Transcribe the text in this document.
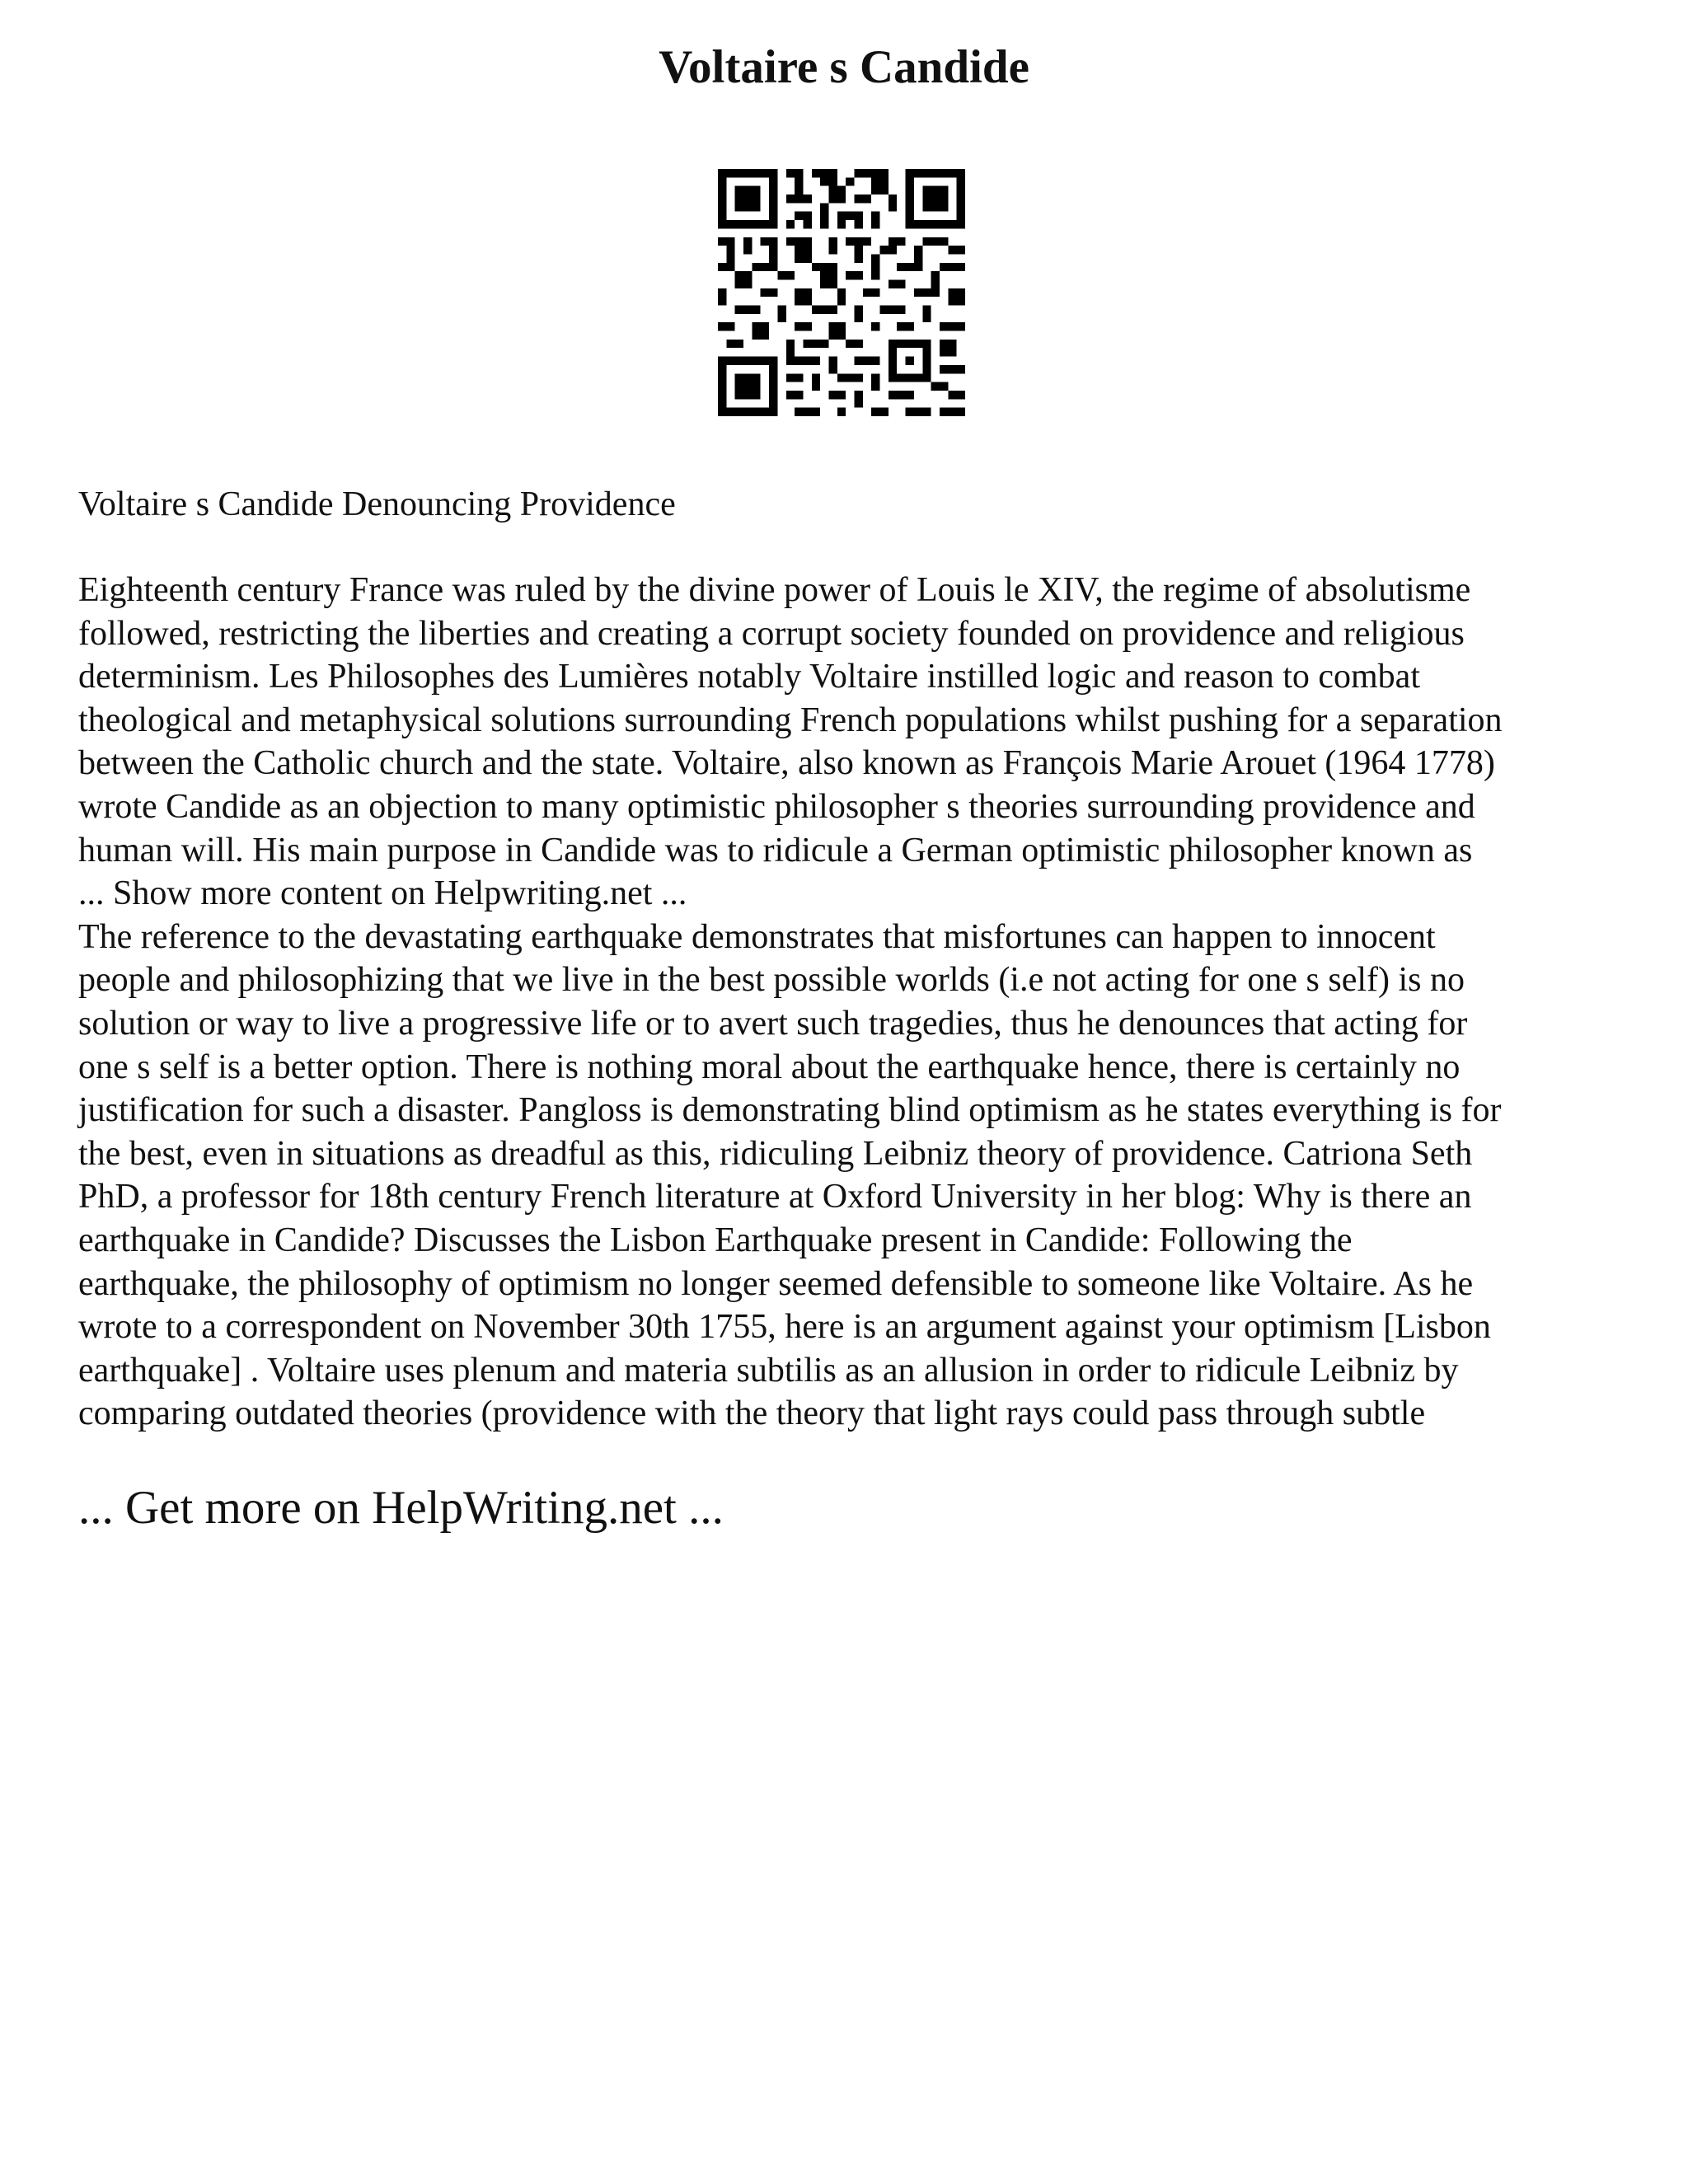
Voltaire s Candide

Voltaire s Candide Denouncing Providence

Eighteenth century France was ruled by the divine power of Louis le XIV, the regime of absolutisme
followed, restricting the liberties and creating a corrupt society founded on providence and religious
determinism. Les Philosophes des Lumières notably Voltaire instilled logic and reason to combat
theological and metaphysical solutions surrounding French populations whilst pushing for a separation
between the Catholic church and the state. Voltaire, also known as François Marie Arouet (1964 1778)
wrote Candide as an objection to many optimistic philosopher s theories surrounding providence and
human will. His main purpose in Candide was to ridicule a German optimistic philosopher known as
... Show more content on Helpwriting.net ...
The reference to the devastating earthquake demonstrates that misfortunes can happen to innocent
people and philosophizing that we live in the best possible worlds (i.e not acting for one s self) is no
solution or way to live a progressive life or to avert such tragedies, thus he denounces that acting for
one s self is a better option. There is nothing moral about the earthquake hence, there is certainly no
justification for such a disaster. Pangloss is demonstrating blind optimism as he states everything is for
the best, even in situations as dreadful as this, ridiculing Leibniz theory of providence. Catriona Seth
PhD, a professor for 18th century French literature at Oxford University in her blog: Why is there an
earthquake in Candide? Discusses the Lisbon Earthquake present in Candide: Following the
earthquake, the philosophy of optimism no longer seemed defensible to someone like Voltaire. As he
wrote to a correspondent on November 30th 1755, here is an argument against your optimism [Lisbon
earthquake] . Voltaire uses plenum and materia subtilis as an allusion in order to ridicule Leibniz by
comparing outdated theories (providence with the theory that light rays could pass through subtle

... Get more on HelpWriting.net ...
